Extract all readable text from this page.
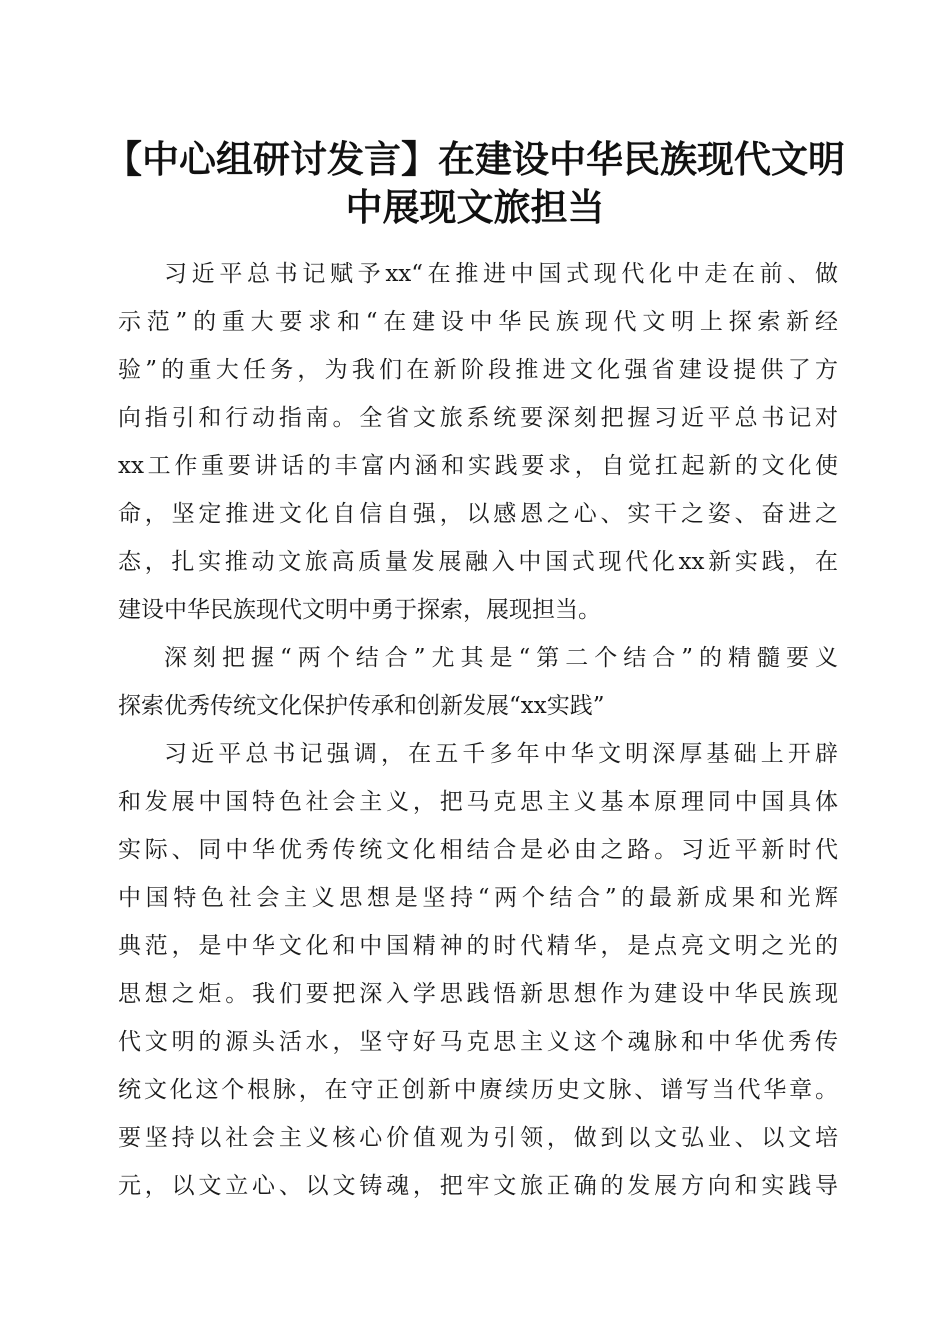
【中心组研讨发言】在建设中华民族现代文明
中展现文旅担当

习近平总书记赋予xx“在推进中国式现代化中走在前、做

示范”的重大要求和“在建设中华民族现代文明上探索新经

验”的重大任务，为我们在新阶段推进文化强省建设提供了方

向指引和行动指南。全省文旅系统要深刻把握习近平总书记对

xx工作重要讲话的丰富内涵和实践要求，自觉扛起新的文化使

命，坚定推进文化自信自强，以感恩之心、实干之姿、奋进之

态，扎实推动文旅高质量发展融入中国式现代化xx新实践，在

建设中华民族现代文明中勇于探索，展现担当。

深刻把握“两个结合”尤其是“第二个结合”的精髓要义

探索优秀传统文化保护传承和创新发展“xx实践”

习近平总书记强调，在五千多年中华文明深厚基础上开辟

和发展中国特色社会主义，把马克思主义基本原理同中国具体

实际、同中华优秀传统文化相结合是必由之路。习近平新时代

中国特色社会主义思想是坚持“两个结合”的最新成果和光辉

典范，是中华文化和中国精神的时代精华，是点亮文明之光的

思想之炬。我们要把深入学思践悟新思想作为建设中华民族现

代文明的源头活水，坚守好马克思主义这个魂脉和中华优秀传

统文化这个根脉，在守正创新中赓续历史文脉、谱写当代华章。

要坚持以社会主义核心价值观为引领，做到以文弘业、以文培

元，以文立心、以文铸魂，把牢文旅正确的发展方向和实践导
